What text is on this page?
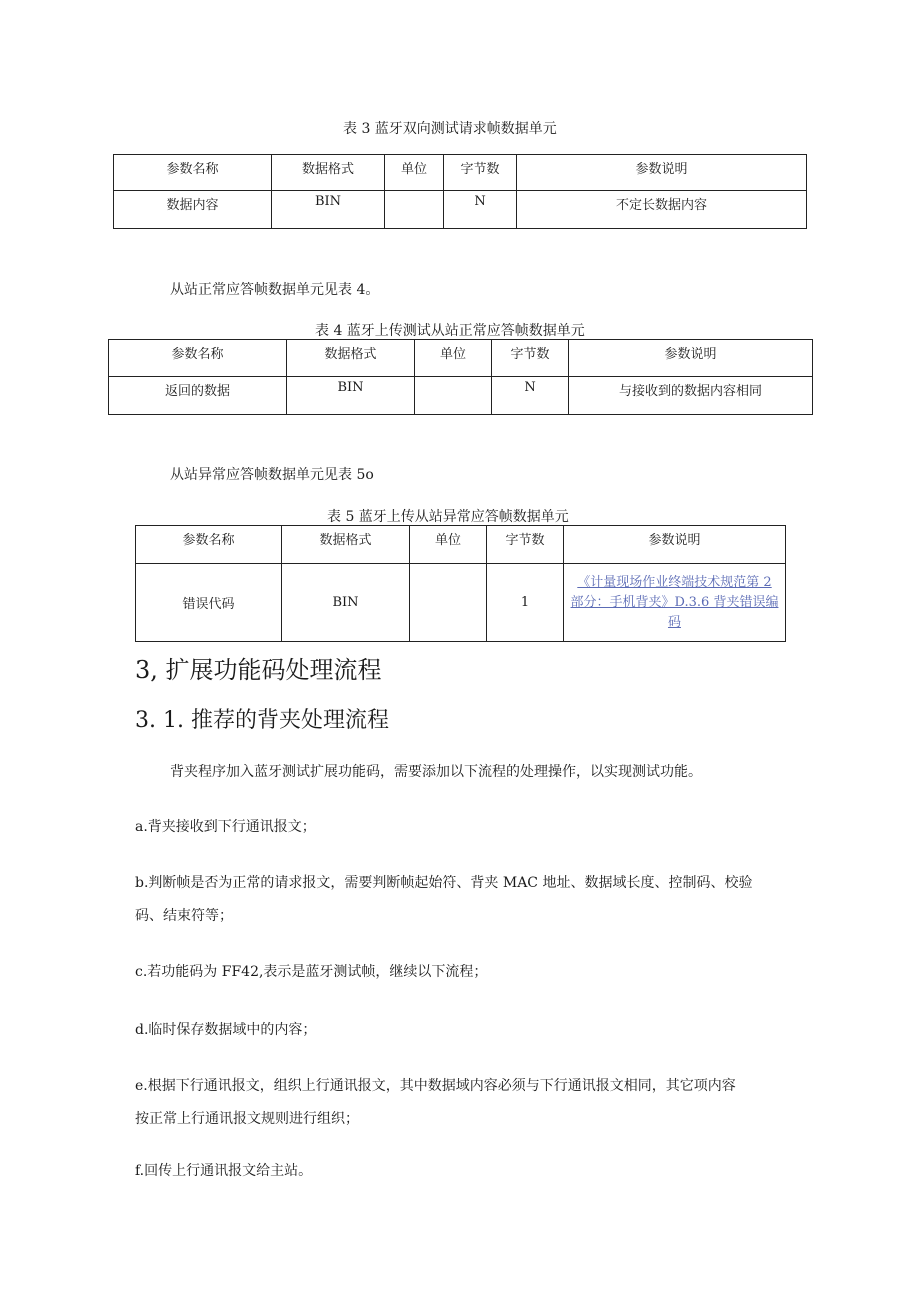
表 3 蓝牙双向测试请求帧数据单元
参数名称	数据格式	单位	字节数	参数说明
数据内容	BIN		N	不定长数据内容
从站正常应答帧数据单元见表 4。
表 4 蓝牙上传测试从站正常应答帧数据单元
参数名称	数据格式	单位	字节数	参数说明
返回的数据	BIN		N	与接收到的数据内容相同
从站异常应答帧数据单元见表 5o
表 5 蓝牙上传从站异常应答帧数据单元
参数名称	数据格式	单位	字节数	参数说明
错误代码	BIN		1	《计量现场作业终端技术规范第 2
部分：手机背夹》D.3.6 背夹错误编
码
3, 扩展功能码处理流程
3. 1. 推荐的背夹处理流程
背夹程序加入蓝牙测试扩展功能码，需要添加以下流程的处理操作，以实现测试功能。
a.背夹接收到下行通讯报文；
b.判断帧是否为正常的请求报文，需要判断帧起始符、背夹 MAC 地址、数据域长度、控制码、校验
码、结束符等；
c.若功能码为 FF42,表示是蓝牙测试帧，继续以下流程；
d.临时保存数据域中的内容；
e.根据下行通讯报文，组织上行通讯报文，其中数据域内容必须与下行通讯报文相同，其它项内容
按正常上行通讯报文规则进行组织；
f.回传上行通讯报文给主站。
